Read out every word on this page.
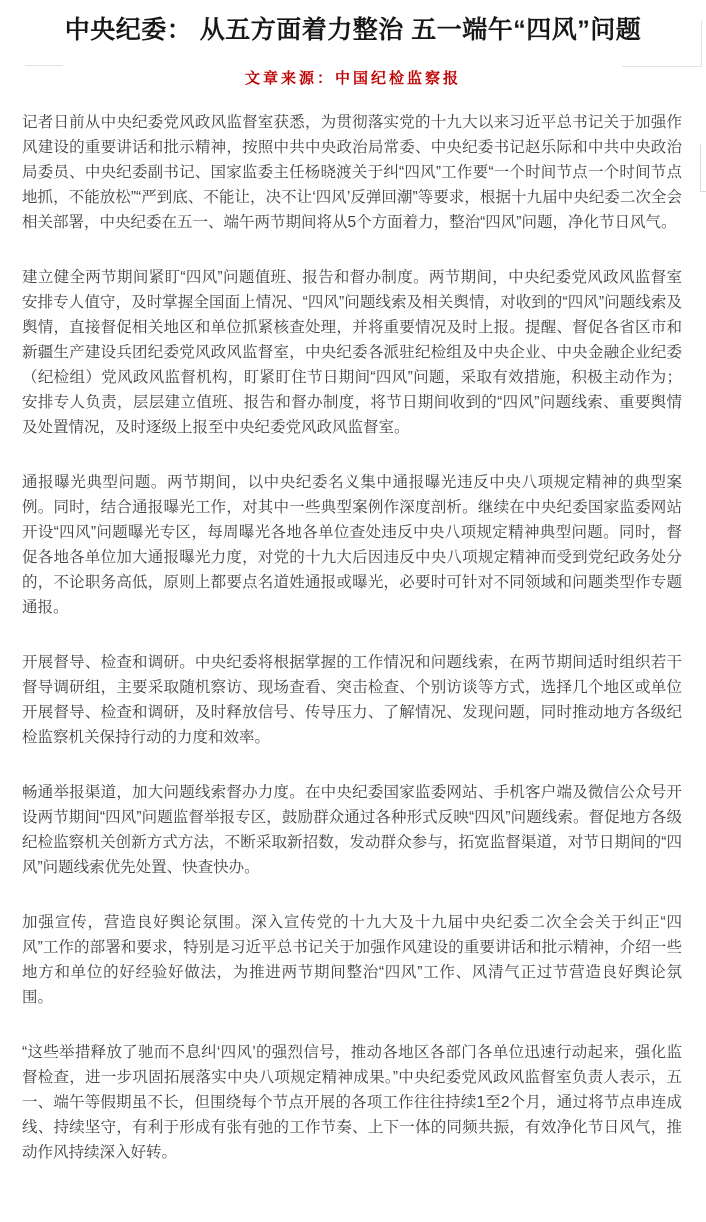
中央纪委： 从五方面着力整治 五一端午“四风”问题
文章来源：中国纪检监察报

记者日前从中央纪委党风政风监督室获悉，为贯彻落实党的十九大以来习近平总书记关于加强作风建设的重要讲话和批示精神，按照中共中央政治局常委、中央纪委书记赵乐际和中共中央政治局委员、中央纪委副书记、国家监委主任杨晓渡关于纠“四风”工作要“一个时间节点一个时间节点地抓，不能放松”“严到底、不能让，决不让‘四风’反弹回潮”等要求，根据十九届中央纪委二次全会相关部署，中央纪委在五一、端午两节期间将从5个方面着力，整治“四风”问题，净化节日风气。

建立健全两节期间紧盯“四风”问题值班、报告和督办制度。两节期间，中央纪委党风政风监督室安排专人值守，及时掌握全国面上情况、“四风”问题线索及相关舆情，对收到的“四风”问题线索及舆情，直接督促相关地区和单位抓紧核查处理，并将重要情况及时上报。提醒、督促各省区市和新疆生产建设兵团纪委党风政风监督室，中央纪委各派驻纪检组及中央企业、中央金融企业纪委（纪检组）党风政风监督机构，盯紧盯住节日期间“四风”问题，采取有效措施，积极主动作为；安排专人负责，层层建立值班、报告和督办制度，将节日期间收到的“四风”问题线索、重要舆情及处置情况，及时逐级上报至中央纪委党风政风监督室。

通报曝光典型问题。两节期间，以中央纪委名义集中通报曝光违反中央八项规定精神的典型案例。同时，结合通报曝光工作，对其中一些典型案例作深度剖析。继续在中央纪委国家监委网站开设“四风”问题曝光专区，每周曝光各地各单位查处违反中央八项规定精神典型问题。同时，督促各地各单位加大通报曝光力度，对党的十九大后因违反中央八项规定精神而受到党纪政务处分的，不论职务高低，原则上都要点名道姓通报或曝光，必要时可针对不同领域和问题类型作专题通报。

开展督导、检查和调研。中央纪委将根据掌握的工作情况和问题线索，在两节期间适时组织若干督导调研组，主要采取随机察访、现场查看、突击检查、个别访谈等方式，选择几个地区或单位开展督导、检查和调研，及时释放信号、传导压力、了解情况、发现问题，同时推动地方各级纪检监察机关保持行动的力度和效率。

畅通举报渠道，加大问题线索督办力度。在中央纪委国家监委网站、手机客户端及微信公众号开设两节期间“四风”问题监督举报专区，鼓励群众通过各种形式反映“四风”问题线索。督促地方各级纪检监察机关创新方式方法，不断采取新招数，发动群众参与，拓宽监督渠道，对节日期间的“四风”问题线索优先处置、快查快办。

加强宣传，营造良好舆论氛围。深入宣传党的十九大及十九届中央纪委二次全会关于纠正“四风”工作的部署和要求，特别是习近平总书记关于加强作风建设的重要讲话和批示精神，介绍一些地方和单位的好经验好做法，为推进两节期间整治“四风”工作、风清气正过节营造良好舆论氛围。

“这些举措释放了驰而不息纠‘四风’的强烈信号，推动各地区各部门各单位迅速行动起来，强化监督检查，进一步巩固拓展落实中央八项规定精神成果。”中央纪委党风政风监督室负责人表示，五一、端午等假期虽不长，但围绕每个节点开展的各项工作往往持续1至2个月，通过将节点串连成线、持续坚守，有利于形成有张有弛的工作节奏、上下一体的同频共振，有效净化节日风气，推动作风持续深入好转。
